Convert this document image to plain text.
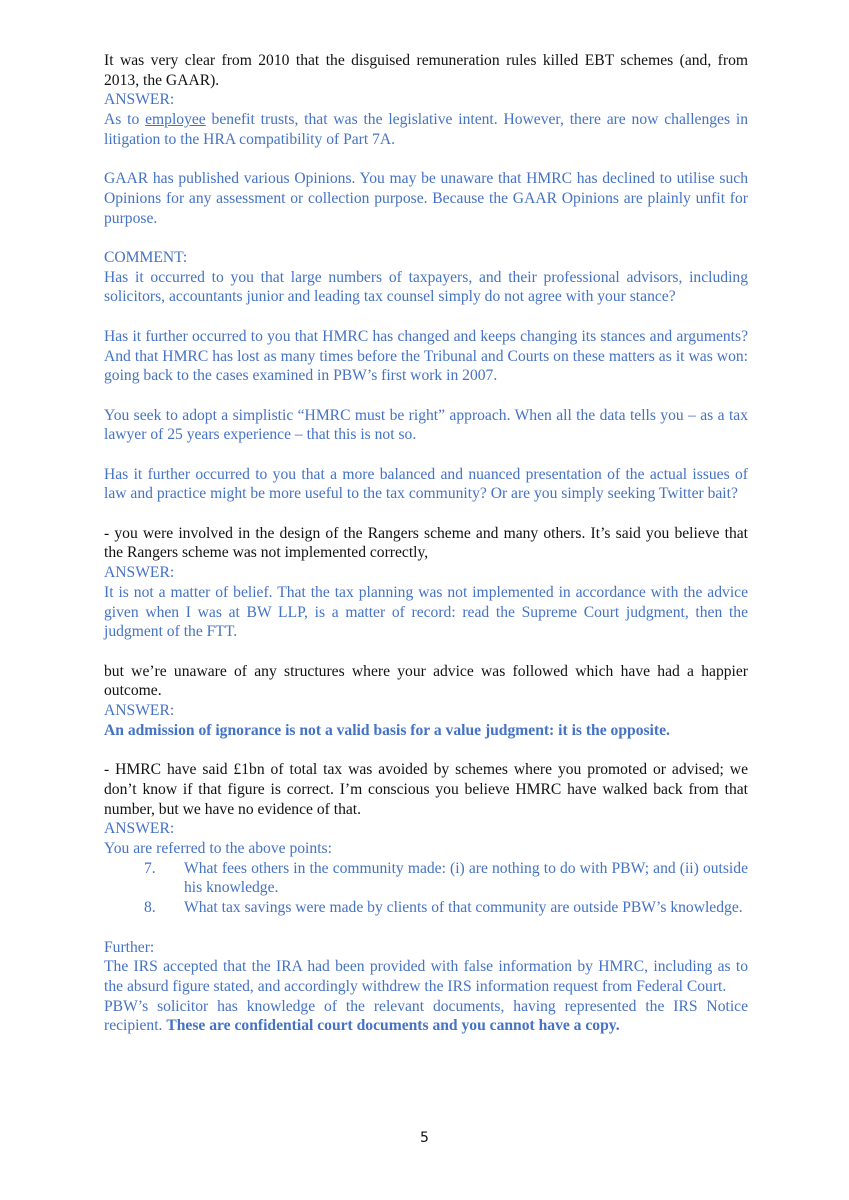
It was very clear from 2010 that the disguised remuneration rules killed EBT schemes (and, from 2013, the GAAR).

ANSWER:

As to employee benefit trusts, that was the legislative intent. However, there are now challenges in litigation to the HRA compatibility of Part 7A.

GAAR has published various Opinions. You may be unaware that HMRC has declined to utilise such Opinions for any assessment or collection purpose. Because the GAAR Opinions are plainly unfit for purpose.

COMMENT:

Has it occurred to you that large numbers of taxpayers, and their professional advisors, including solicitors, accountants junior and leading tax counsel simply do not agree with your stance?

Has it further occurred to you that HMRC has changed and keeps changing its stances and arguments? And that HMRC has lost as many times before the Tribunal and Courts on these matters as it was won: going back to the cases examined in PBW’s first work in 2007.

You seek to adopt a simplistic “HMRC must be right” approach. When all the data tells you – as a tax lawyer of 25 years experience – that this is not so.

Has it further occurred to you that a more balanced and nuanced presentation of the actual issues of law and practice might be more useful to the tax community? Or are you simply seeking Twitter bait?

- you were involved in the design of the Rangers scheme and many others. It’s said you believe that the Rangers scheme was not implemented correctly,

ANSWER:

It is not a matter of belief. That the tax planning was not implemented in accordance with the advice given when I was at BW LLP, is a matter of record: read the Supreme Court judgment, then the judgment of the FTT.

but we’re unaware of any structures where your advice was followed which have had a happier outcome.

ANSWER:

An admission of ignorance is not a valid basis for a value judgment: it is the opposite.

- HMRC have said £1bn of total tax was avoided by schemes where you promoted or advised; we don’t know if that figure is correct. I’m conscious you believe HMRC have walked back from that number, but we have no evidence of that.

ANSWER:

You are referred to the above points:

7. What fees others in the community made: (i) are nothing to do with PBW; and (ii) outside his knowledge.
8. What tax savings were made by clients of that community are outside PBW’s knowledge.

Further:

The IRS accepted that the IRA had been provided with false information by HMRC, including as to the absurd figure stated, and accordingly withdrew the IRS information request from Federal Court.

PBW’s solicitor has knowledge of the relevant documents, having represented the IRS Notice recipient. These are confidential court documents and you cannot have a copy.

5
